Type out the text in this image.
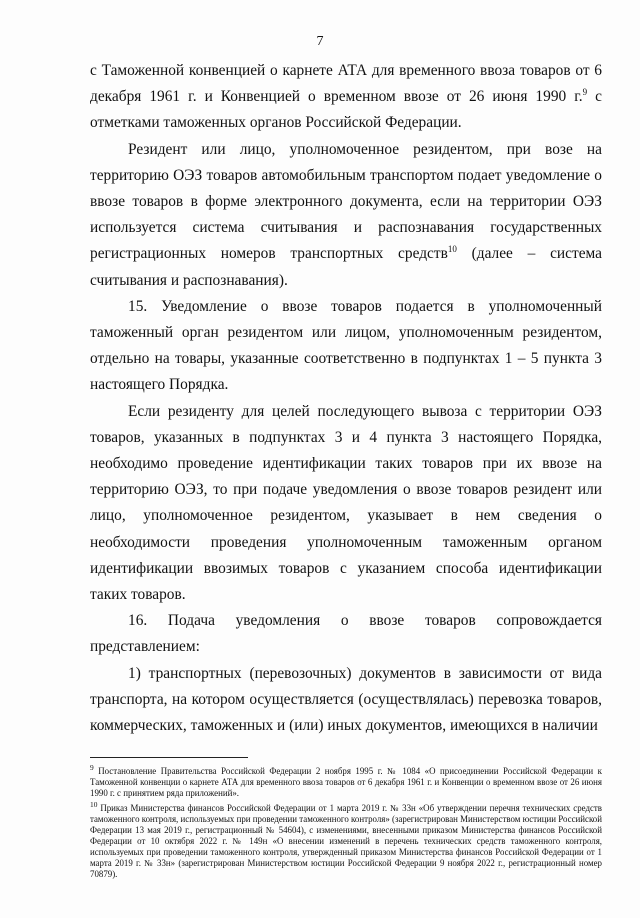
7

с Таможенной конвенцией о карнете АТА для временного ввоза товаров от 6 декабря 1961 г. и Конвенцией о временном ввозе от 26 июня 1990 г.$^9$ с отметками таможенных органов Российской Федерации.

Резидент или лицо, уполномоченное резидентом, при возе на территорию ОЭЗ товаров автомобильным транспортом подает уведомление о ввозе товаров в форме электронного документа, если на территории ОЭЗ используется система считывания и распознавания государственных регистрационных номеров транспортных средств$^{10}$ (далее – система считывания и распознавания).

15. Уведомление о ввозе товаров подается в уполномоченный таможенный орган резидентом или лицом, уполномоченным резидентом, отдельно на товары, указанные соответственно в подпунктах 1 – 5 пункта 3 настоящего Порядка.

Если резиденту для целей последующего вывоза с территории ОЭЗ товаров, указанных в подпунктах 3 и 4 пункта 3 настоящего Порядка, необходимо проведение идентификации таких товаров при их ввозе на территорию ОЭЗ, то при подаче уведомления о ввозе товаров резидент или лицо, уполномоченное резидентом, указывает в нем сведения о необходимости проведения уполномоченным таможенным органом идентификации ввозимых товаров с указанием способа идентификации таких товаров.

16. Подача уведомления о ввозе товаров сопровождается представлением:

1) транспортных (перевозочных) документов в зависимости от вида транспорта, на котором осуществляется (осуществлялась) перевозка товаров, коммерческих, таможенных и (или) иных документов, имеющихся в наличии

$^9$ Постановление Правительства Российской Федерации 2 ноября 1995 г. № 1084 «О присоединении Российской Федерации к Таможенной конвенции о карнете АТА для временного ввоза товаров от 6 декабря 1961 г. и Конвенции о временном ввозе от 26 июня 1990 г. с принятием ряда приложений».

$^{10}$ Приказ Министерства финансов Российской Федерации от 1 марта 2019 г. № 33н «Об утверждении перечня технических средств таможенного контроля, используемых при проведении таможенного контроля» (зарегистрирован Министерством юстиции Российской Федерации 13 мая 2019 г., регистрационный № 54604), с изменениями, внесенными приказом Министерства финансов Российской Федерации от 10 октября 2022 г. № 149н «О внесении изменений в перечень технических средств таможенного контроля, используемых при проведении таможенного контроля, утвержденный приказом Министерства финансов Российской Федерации от 1 марта 2019 г. № 33н» (зарегистрирован Министерством юстиции Российской Федерации 9 ноября 2022 г., регистрационный номер 70879).
